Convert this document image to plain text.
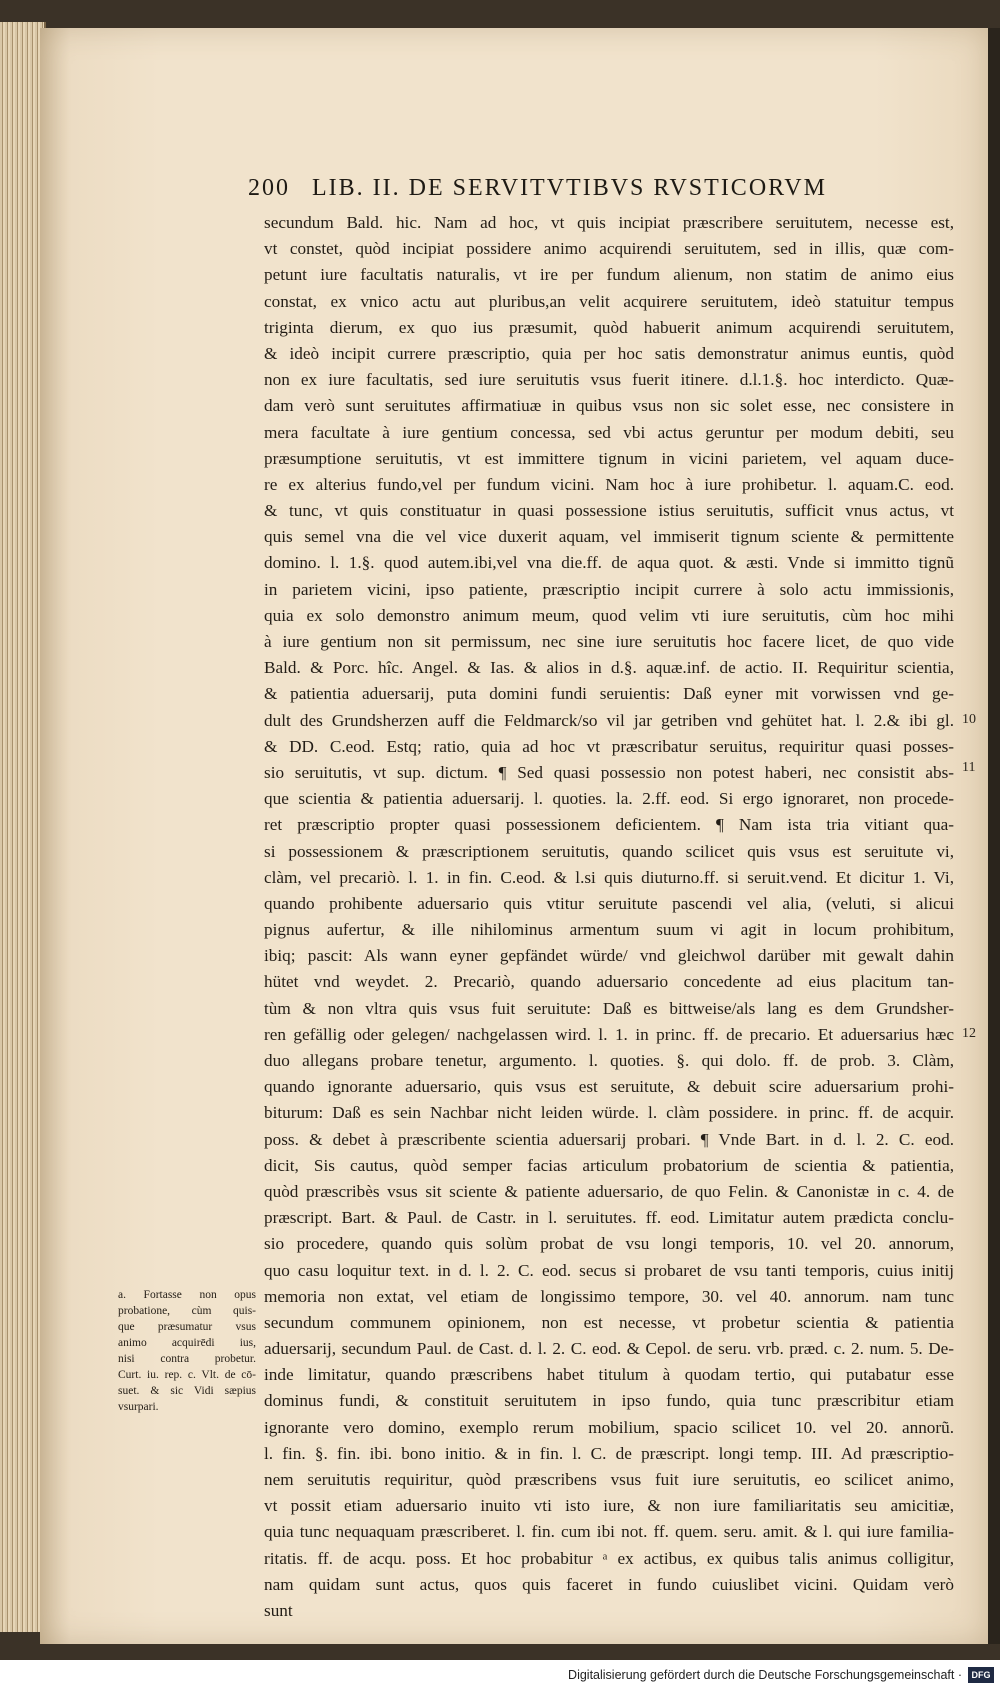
200 LIB. II. DE SERVITVTIBVS RVSTICORVM
secundum Bald. hic. Nam ad hoc, vt quis incipiat præscribere seruitutem, necesse est,
vt constet, quòd incipiat possidere animo acquirendi seruitutem, sed in illis, quæ com-
petunt iure facultatis naturalis, vt ire per fundum alienum, non statim de animo eius
constat, ex vnico actu aut pluribus,an velit acquirere seruitutem, ideò statuitur tempus
triginta dierum, ex quo ius præsumit, quòd habuerit animum acquirendi seruitutem,
& ideò incipit currere præscriptio, quia per hoc satis demonstratur animus euntis, quòd
non ex iure facultatis, sed iure seruitutis vsus fuerit itinere. d.l.1.§. hoc interdicto. Quæ-
dam verò sunt seruitutes affirmatiuæ in quibus vsus non sic solet esse, nec consistere in
mera facultate à iure gentium concessa, sed vbi actus geruntur per modum debiti, seu
præsumptione seruitutis, vt est immittere tignum in vicini parietem, vel aquam duce-
re ex alterius fundo,vel per fundum vicini. Nam hoc à iure prohibetur. l. aquam.C. eod.
& tunc, vt quis constituatur in quasi possessione istius seruitutis, sufficit vnus actus, vt
quis semel vna die vel vice duxerit aquam, vel immiserit tignum sciente & permittente
domino. l. 1.§. quod autem.ibi,vel vna die.ff. de aqua quot. & æsti. Vnde si immitto tignũ
in parietem vicini, ipso patiente, præscriptio incipit currere à solo actu immissionis,
quia ex solo demonstro animum meum, quod velim vti iure seruitutis, cùm hoc mihi
à iure gentium non sit permissum, nec sine iure seruitutis hoc facere licet, de quo vide
Bald. & Porc. hîc. Angel. & Ias. & alios in d.§. aquæ.inf. de actio. II. Requiritur scientia,
& patientia aduersarij, puta domini fundi seruientis: Daß eyner mit vorwissen vnd ge-
dult des Grundsherzen auff die Feldmarck/so vil jar getriben vnd gehütet hat. l. 2.& ibi gl.
& DD. C.eod. Estq; ratio, quia ad hoc vt præscribatur seruitus, requiritur quasi posses-
sio seruitutis, vt sup. dictum. ¶ Sed quasi possessio non potest haberi, nec consistit abs-
que scientia & patientia aduersarij. l. quoties. la. 2.ff. eod. Si ergo ignoraret, non procede-
ret præscriptio propter quasi possessionem deficientem. ¶ Nam ista tria vitiant qua-
si possessionem & præscriptionem seruitutis, quando scilicet quis vsus est seruitute vi,
clàm, vel precariò. l. 1. in fin. C.eod. & l.si quis diuturno.ff. si seruit.vend. Et dicitur 1. Vi,
quando prohibente aduersario quis vtitur seruitute pascendi vel alia, (veluti, si alicui
pignus aufertur, & ille nihilominus armentum suum vi agit in locum prohibitum,
ibiq; pascit: Als wann eyner gepfändet würde/ vnd gleichwol darüber mit gewalt dahin
hütet vnd weydet. 2. Precariò, quando aduersario concedente ad eius placitum tan-
tùm & non vltra quis vsus fuit seruitute: Daß es bittweise/als lang es dem Grundsher-
ren gefällig oder gelegen/ nachgelassen wird. l. 1. in princ. ff. de precario. Et aduersarius hæc
duo allegans probare tenetur, argumento. l. quoties. §. qui dolo. ff. de prob. 3. Clàm,
quando ignorante aduersario, quis vsus est seruitute, & debuit scire aduersarium prohi-
biturum: Daß es sein Nachbar nicht leiden würde. l. clàm possidere. in princ. ff. de acquir.
poss. & debet à præscribente scientia aduersarij probari. ¶ Vnde Bart. in d. l. 2. C. eod.
dicit, Sis cautus, quòd semper facias articulum probatorium de scientia & patientia,
quòd præscribès vsus sit sciente & patiente aduersario, de quo Felin. & Canonistæ in c. 4. de
præscript. Bart. & Paul. de Castr. in l. seruitutes. ff. eod. Limitatur autem prædicta conclu-
sio procedere, quando quis solùm probat de vsu longi temporis, 10. vel 20. annorum,
quo casu loquitur text. in d. l. 2. C. eod. secus si probaret de vsu tanti temporis, cuius initij
memoria non extat, vel etiam de longissimo tempore, 30. vel 40. annorum. nam tunc
secundum communem opinionem, non est necesse, vt probetur scientia & patientia
aduersarij, secundum Paul. de Cast. d. l. 2. C. eod. & Cepol. de seru. vrb. præd. c. 2. num. 5. De-
inde limitatur, quando præscribens habet titulum à quodam tertio, qui putabatur esse
dominus fundi, & constituit seruitutem in ipso fundo, quia tunc præscribitur etiam
ignorante vero domino, exemplo rerum mobilium, spacio scilicet 10. vel 20. annorũ.
l. fin. §. fin. ibi. bono initio. & in fin. l. C. de præscript. longi temp. III. Ad præscriptio-
nem seruitutis requiritur, quòd præscribens vsus fuit iure seruitutis, eo scilicet animo,
vt possit etiam aduersario inuito vti isto iure, & non iure familiaritatis seu amicitiæ,
quia tunc nequaquam præscriberet. l. fin. cum ibi not. ff. quem. seru. amit. & l. qui iure familia-
ritatis. ff. de acqu. poss. Et hoc probabitur ᵃ ex actibus, ex quibus talis animus colligitur,
nam quidam sunt actus, quos quis faceret in fundo cuiuslibet vicini. Quidam verò
sunt
10
11
12
a. Fortasse non opus
probatione, cùm quis-
que præsumatur vsus
animo acquirēdi ius,
nisi contra probetur.
Curt. iu. rep. c. Vlt. de cō-
suet. & sic Vidi sæpius
vsurpari.
Digitalisierung gefördert durch die Deutsche Forschungsgemeinschaft ·	DFG
